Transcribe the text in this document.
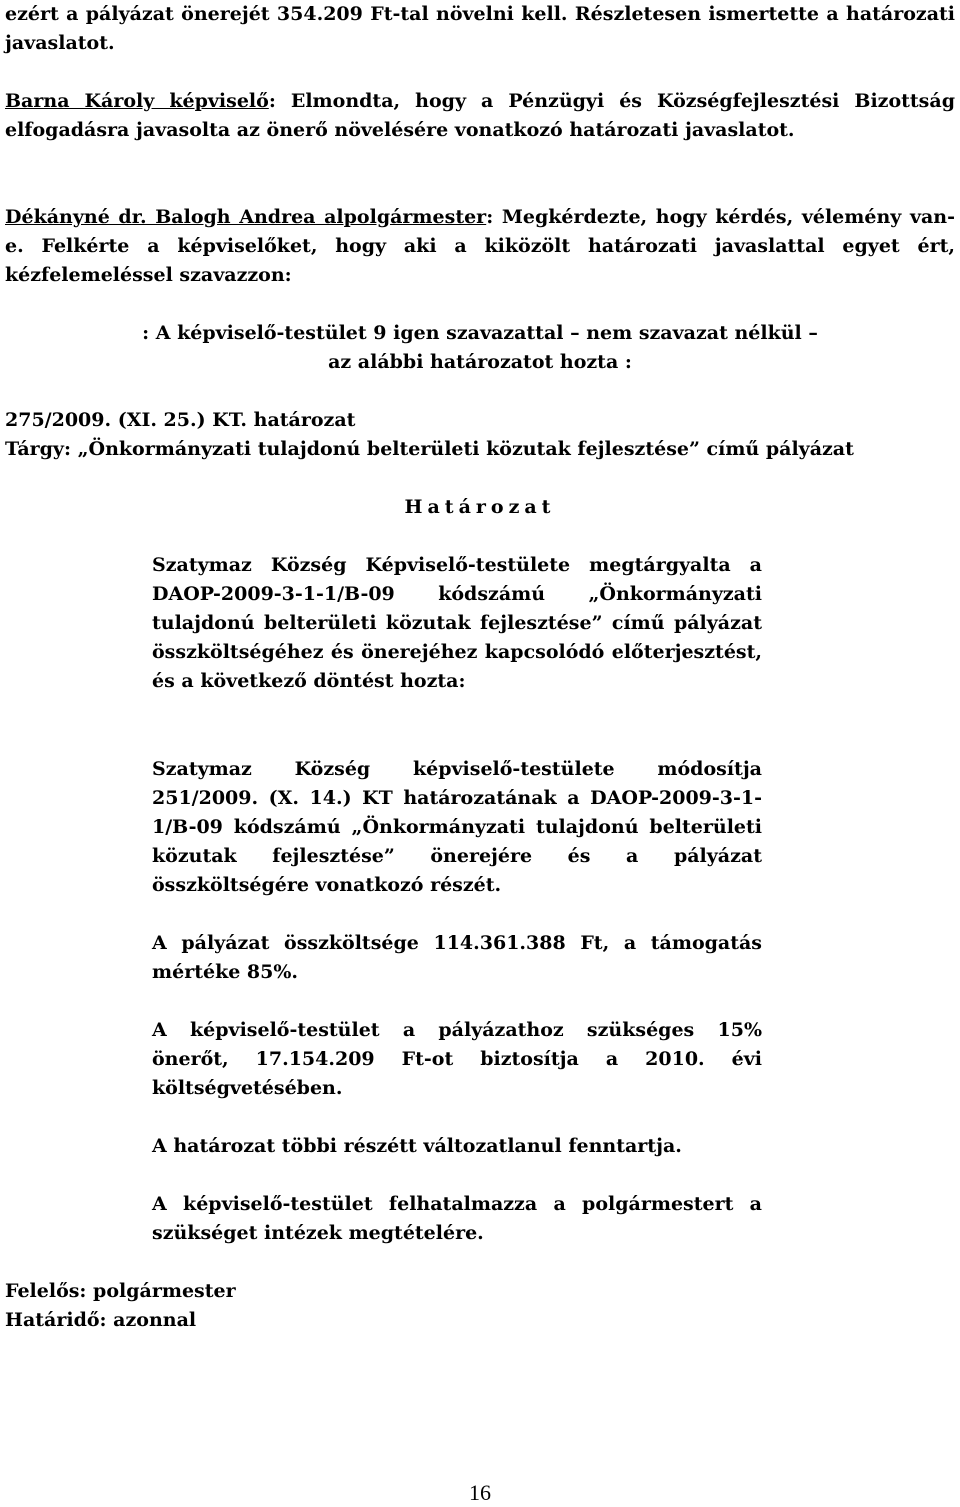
ezért a pályázat önerejét 354.209 Ft-tal növelni kell. Részletesen ismertette a határozati javaslatot.

Barna Károly képviselő: Elmondta, hogy a Pénzügyi és Községfejlesztési Bizottság elfogadásra javasolta az önerő növelésére vonatkozó határozati javaslatot.

Dékányné dr. Balogh Andrea alpolgármester: Megkérdezte, hogy kérdés, vélemény van-e. Felkérte a képviselőket, hogy aki a kiközölt határozati javaslattal egyet ért, kézfelemeléssel szavazzon:

: A képviselő-testület 9 igen szavazattal – nem szavazat nélkül –
az alábbi határozatot hozta :
275/2009. (XI. 25.) KT. határozat
Tárgy: „Önkormányzati tulajdonú belterületi közutak fejlesztése” című pályázat
Határozat

Szatymaz Község Képviselő-testülete megtárgyalta a DAOP-2009-3-1-1/B-09 kódszámú „Önkormányzati tulajdonú belterületi közutak fejlesztése” című pályázat összköltségéhez és önerejéhez kapcsolódó előterjesztést, és a következő döntést hozta:

Szatymaz Község képviselő-testülete módosítja 251/2009. (X. 14.) KT határozatának a DAOP-2009-3-1-1/B-09 kódszámú „Önkormányzati tulajdonú belterületi közutak fejlesztése” önerejére és a pályázat összköltségére vonatkozó részét.

A pályázat összköltsége 114.361.388 Ft, a támogatás mértéke 85%.

A képviselő-testület a pályázathoz szükséges 15% önerőt, 17.154.209 Ft-ot biztosítja a 2010. évi költségvetésében.

A határozat többi részétt változatlanul fenntartja.

A képviselő-testület felhatalmazza a polgármestert a szükséget intézek megtételére.

Felelős: polgármester
Határidő: azonnal
16
